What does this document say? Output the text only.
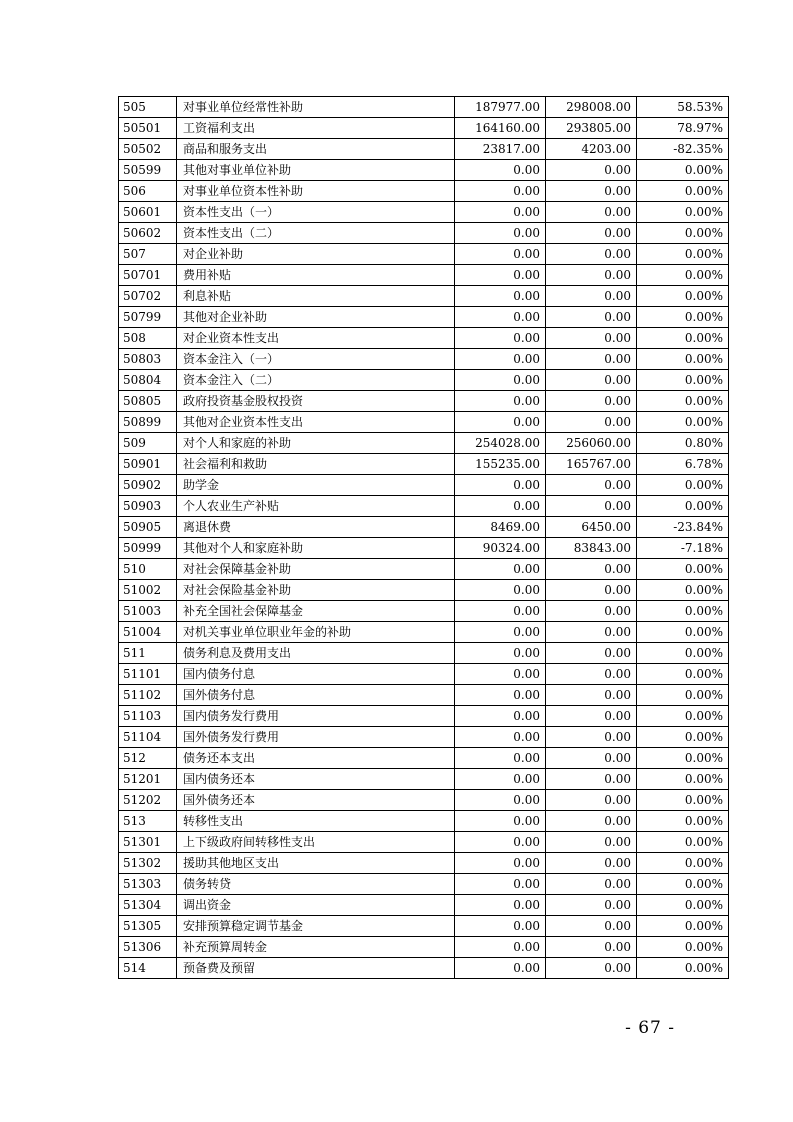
505	对事业单位经常性补助	187977.00	298008.00	58.53%
50501	工资福利支出	164160.00	293805.00	78.97%
50502	商品和服务支出	23817.00	4203.00	-82.35%
50599	其他对事业单位补助	0.00	0.00	0.00%
506	对事业单位资本性补助	0.00	0.00	0.00%
50601	资本性支出（一）	0.00	0.00	0.00%
50602	资本性支出（二）	0.00	0.00	0.00%
507	对企业补助	0.00	0.00	0.00%
50701	费用补贴	0.00	0.00	0.00%
50702	利息补贴	0.00	0.00	0.00%
50799	其他对企业补助	0.00	0.00	0.00%
508	对企业资本性支出	0.00	0.00	0.00%
50803	资本金注入（一）	0.00	0.00	0.00%
50804	资本金注入（二）	0.00	0.00	0.00%
50805	政府投资基金股权投资	0.00	0.00	0.00%
50899	其他对企业资本性支出	0.00	0.00	0.00%
509	对个人和家庭的补助	254028.00	256060.00	0.80%
50901	社会福利和救助	155235.00	165767.00	6.78%
50902	助学金	0.00	0.00	0.00%
50903	个人农业生产补贴	0.00	0.00	0.00%
50905	离退休费	8469.00	6450.00	-23.84%
50999	其他对个人和家庭补助	90324.00	83843.00	-7.18%
510	对社会保障基金补助	0.00	0.00	0.00%
51002	对社会保险基金补助	0.00	0.00	0.00%
51003	补充全国社会保障基金	0.00	0.00	0.00%
51004	对机关事业单位职业年金的补助	0.00	0.00	0.00%
511	债务利息及费用支出	0.00	0.00	0.00%
51101	国内债务付息	0.00	0.00	0.00%
51102	国外债务付息	0.00	0.00	0.00%
51103	国内债务发行费用	0.00	0.00	0.00%
51104	国外债务发行费用	0.00	0.00	0.00%
512	债务还本支出	0.00	0.00	0.00%
51201	国内债务还本	0.00	0.00	0.00%
51202	国外债务还本	0.00	0.00	0.00%
513	转移性支出	0.00	0.00	0.00%
51301	上下级政府间转移性支出	0.00	0.00	0.00%
51302	援助其他地区支出	0.00	0.00	0.00%
51303	债务转贷	0.00	0.00	0.00%
51304	调出资金	0.00	0.00	0.00%
51305	安排预算稳定调节基金	0.00	0.00	0.00%
51306	补充预算周转金	0.00	0.00	0.00%
514	预备费及预留	0.00	0.00	0.00%
- 67 -
